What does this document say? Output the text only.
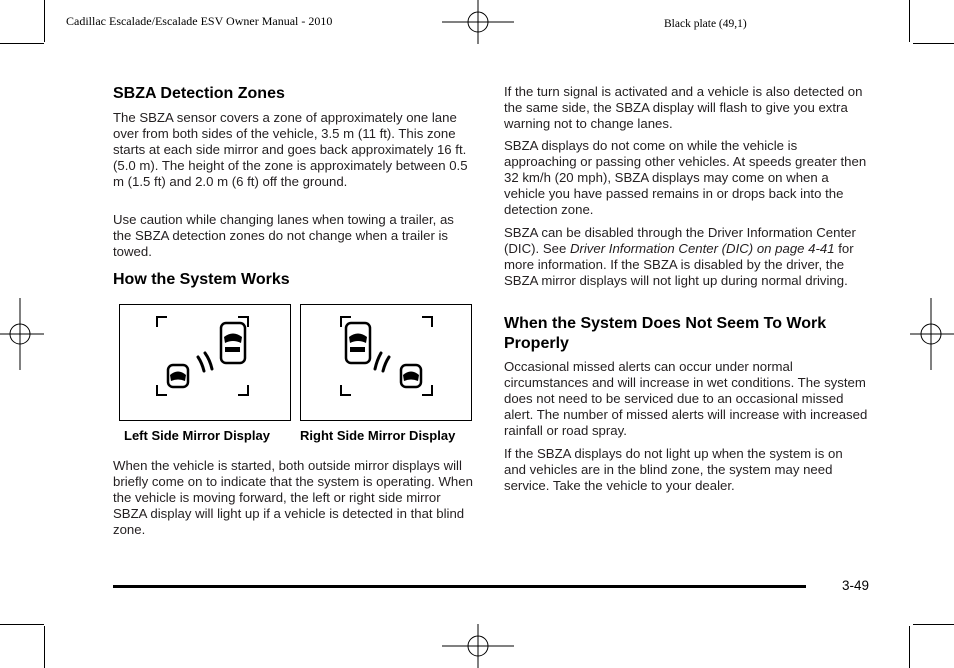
Cadillac Escalade/Escalade ESV Owner Manual - 2010	Black plate (49,1)
SBZA Detection Zones

The SBZA sensor covers a zone of approximately one lane over from both sides of the vehicle, 3.5 m (11 ft). This zone starts at each side mirror and goes back approximately 16 ft. (5.0 m). The height of the zone is approximately between 0.5 m (1.5 ft) and 2.0 m (6 ft) off the ground.

Use caution while changing lanes when towing a trailer, as the SBZA detection zones do not change when a trailer is towed.

How the System Works
Left Side Mirror Display Right Side Mirror Display

When the vehicle is started, both outside mirror displays will briefly come on to indicate that the system is operating. When the vehicle is moving forward, the left or right side mirror SBZA display will light up if a vehicle is detected in that blind zone.

If the turn signal is activated and a vehicle is also detected on the same side, the SBZA display will flash to give you extra warning not to change lanes.

SBZA displays do not come on while the vehicle is approaching or passing other vehicles. At speeds greater then 32 km/h (20 mph), SBZA displays may come on when a vehicle you have passed remains in or drops back into the detection zone.

SBZA can be disabled through the Driver Information Center (DIC). See Driver Information Center (DIC) on page 4-41 for more information. If the SBZA is disabled by the driver, the SBZA mirror displays will not light up during normal driving.

When the System Does Not Seem To Work Properly

Occasional missed alerts can occur under normal circumstances and will increase in wet conditions. The system does not need to be serviced due to an occasional missed alert. The number of missed alerts will increase with increased rainfall or road spray.

If the SBZA displays do not light up when the system is on and vehicles are in the blind zone, the system may need service. Take the vehicle to your dealer.

3-49
